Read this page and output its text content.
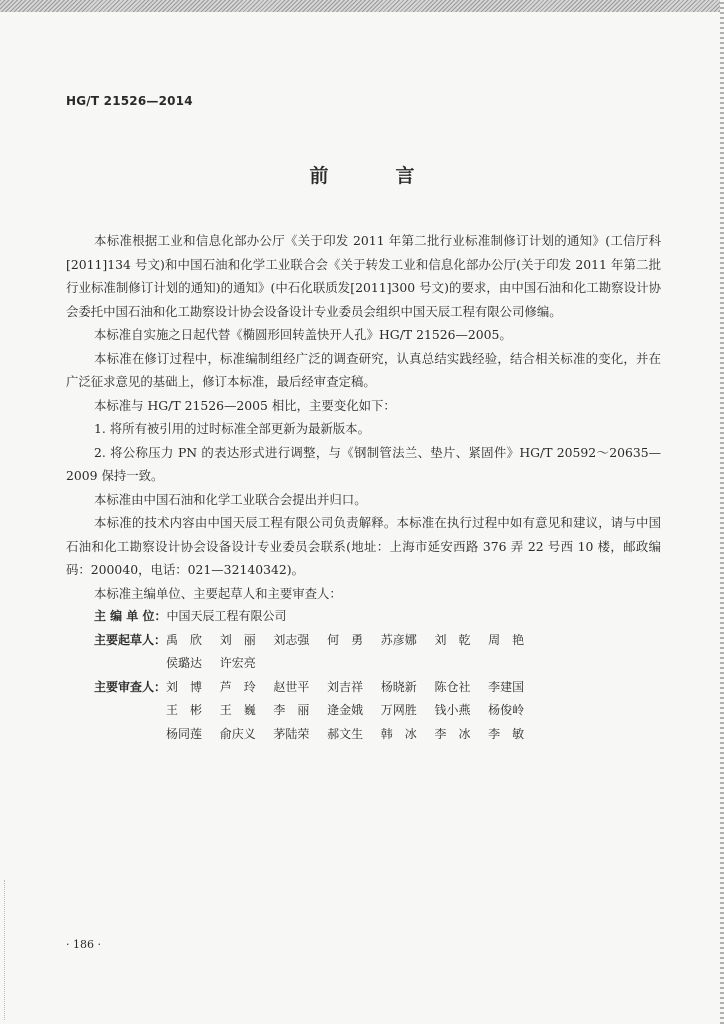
HG/T 21526—2014
前　言

本标准根据工业和信息化部办公厅《关于印发 2011 年第二批行业标准制修订计划的通知》(工信厅科[2011]134 号文)和中国石油和化学工业联合会《关于转发工业和信息化部办公厅(关于印发 2011 年第二批行业标准制修订计划的通知)的通知》(中石化联质发[2011]300 号文)的要求，由中国石油和化工勘察设计协会委托中国石油和化工勘察设计协会设备设计专业委员会组织中国天辰工程有限公司修编。

本标准自实施之日起代替《椭圆形回转盖快开人孔》HG/T 21526—2005。

本标准在修订过程中，标准编制组经广泛的调查研究，认真总结实践经验，结合相关标准的变化，并在广泛征求意见的基础上，修订本标准，最后经审查定稿。

本标准与 HG/T 21526—2005 相比，主要变化如下：

1. 将所有被引用的过时标准全部更新为最新版本。

2. 将公称压力 PN 的表达形式进行调整，与《钢制管法兰、垫片、紧固件》HG/T 20592～20635—2009 保持一致。

本标准由中国石油和化学工业联合会提出并归口。

本标准的技术内容由中国天辰工程有限公司负责解释。本标准在执行过程中如有意见和建议，请与中国石油和化工勘察设计协会设备设计专业委员会联系(地址：上海市延安西路 376 弄 22 号西 10 楼，邮政编码：200040，电话：021—32140342)。

本标准主编单位、主要起草人和主要审查人：

主 编 单 位： 中国天辰工程有限公司
主要起草人： 禹　欣	刘　丽	刘志强	何　勇	苏彦娜	刘　乾	周　艳
侯璐达	许宏亮
主要审查人： 刘　博	芦　玲	赵世平	刘吉祥	杨晓新	陈仓社	李建国
王　彬	王　巍	李　丽	逄金娥	万网胜	钱小燕	杨俊岭
杨同莲	俞庆义	茅陆荣	郝文生	韩　冰	李　冰	李　敏
· 186 ·
